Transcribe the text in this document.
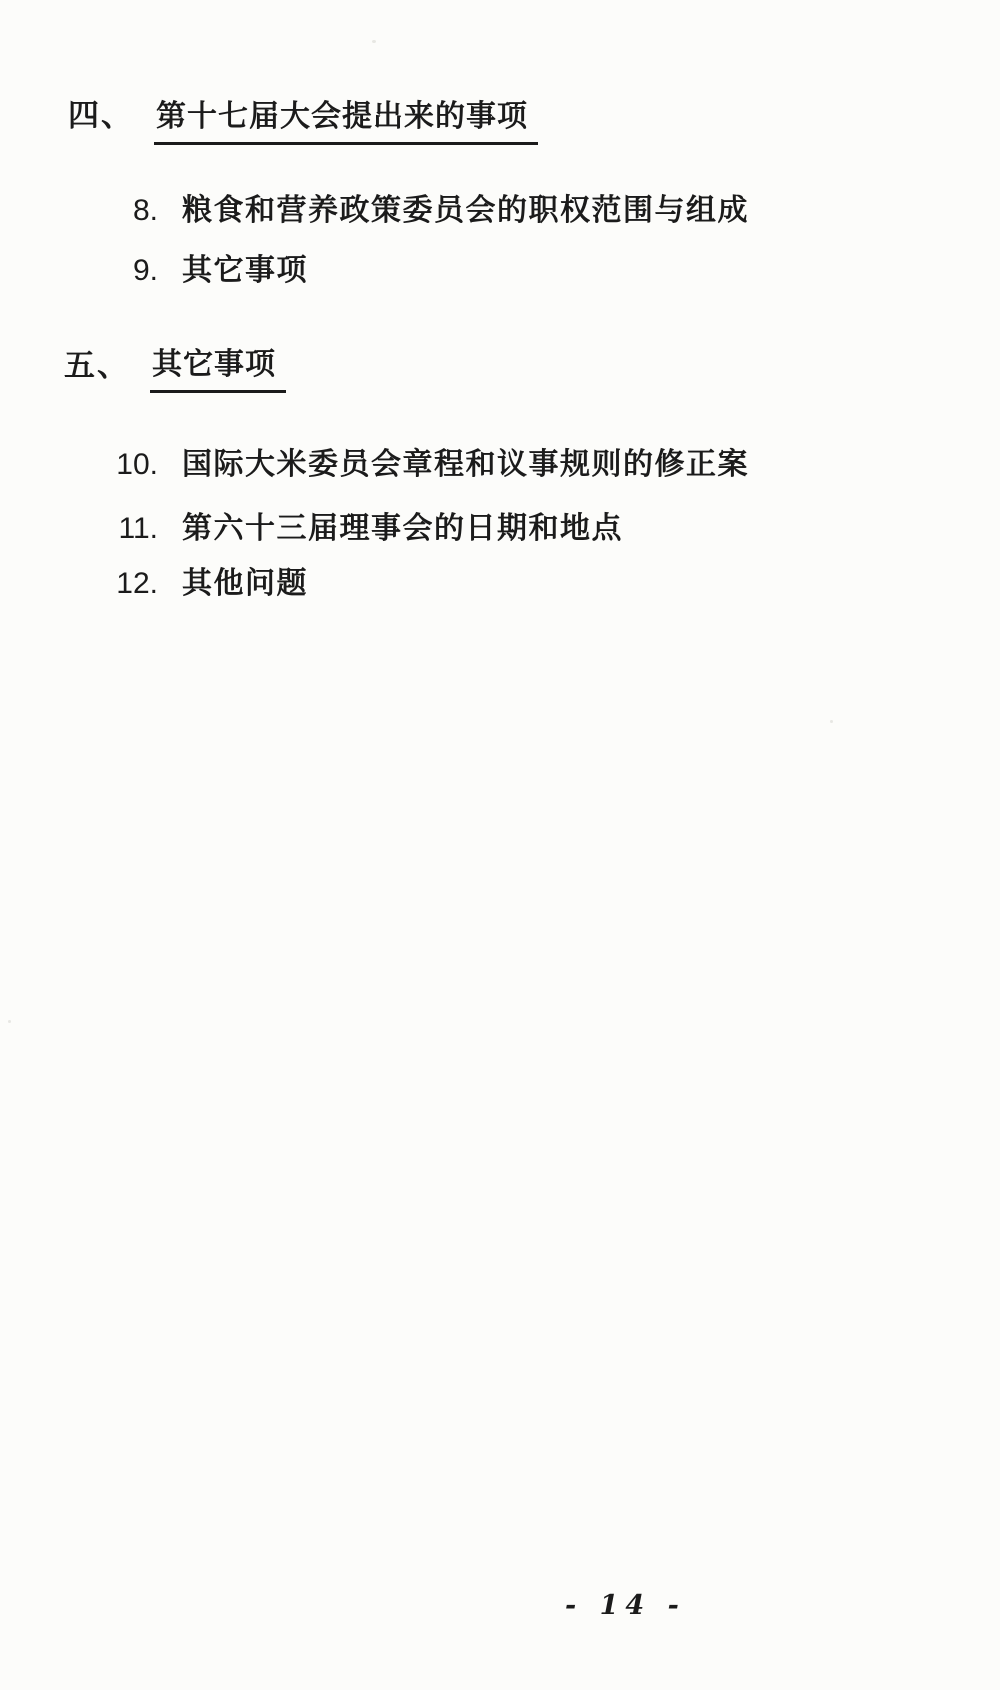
四、 第十七届大会提出来的事项
8. 粮食和营养政策委员会的职权范围与组成
9. 其它事项
五、 其它事项
10. 国际大米委员会章程和议事规则的修正案
11. 第六十三届理事会的日期和地点
12. 其他问题
- 14 -
